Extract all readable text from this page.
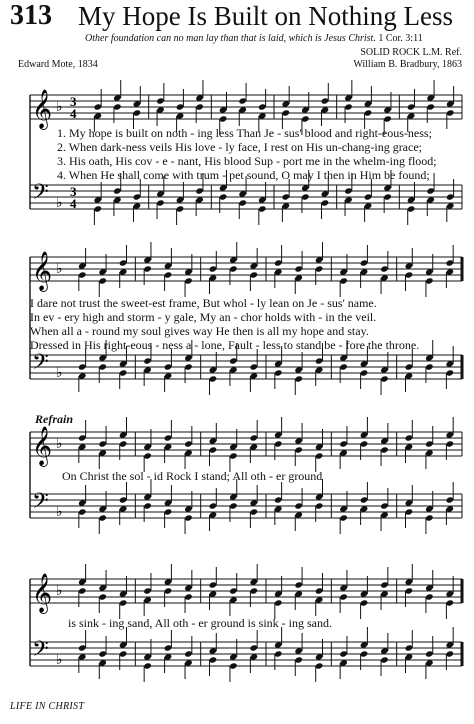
313 My Hope Is Built on Nothing Less
Other foundation can no man lay than that is laid, which is Jesus Christ. 1 Cor. 3:11
SOLID ROCK L.M. Ref.
Edward Mote, 1834	William B. Bradbury, 1863
𝄞 ♭
𝄢 ♭
3
4
3
4
𝄞 ♭
𝄢 ♭
𝄞 ♭
𝄢 ♭
𝄞 ♭
𝄢 ♭
1. My hope is built on noth - ing less Than Je - sus' blood and right-eous-ness;
2. When dark-ness veils His love - ly face, I rest on His un-chang-ing grace;
3. His oath, His cov - e - nant, His blood Sup - port me in the whelm-ing flood;
4. When He shall come with trum - pet sound, O may I then in Him be found;
I dare not trust the sweet-est frame, But whol - ly lean on Je - sus' name.
In ev - ery high and storm - y gale, My an - chor holds with - in the veil.
When all a - round my soul gives way He then is all my hope and stay.
Dressed in His right-eous - ness a - lone, Fault - less to stand be - fore the throne.
Refrain
On Christ the sol - id Rock I stand; All oth - er ground
is sink - ing sand, All oth - er ground is sink - ing sand.
LIFE IN CHRIST
